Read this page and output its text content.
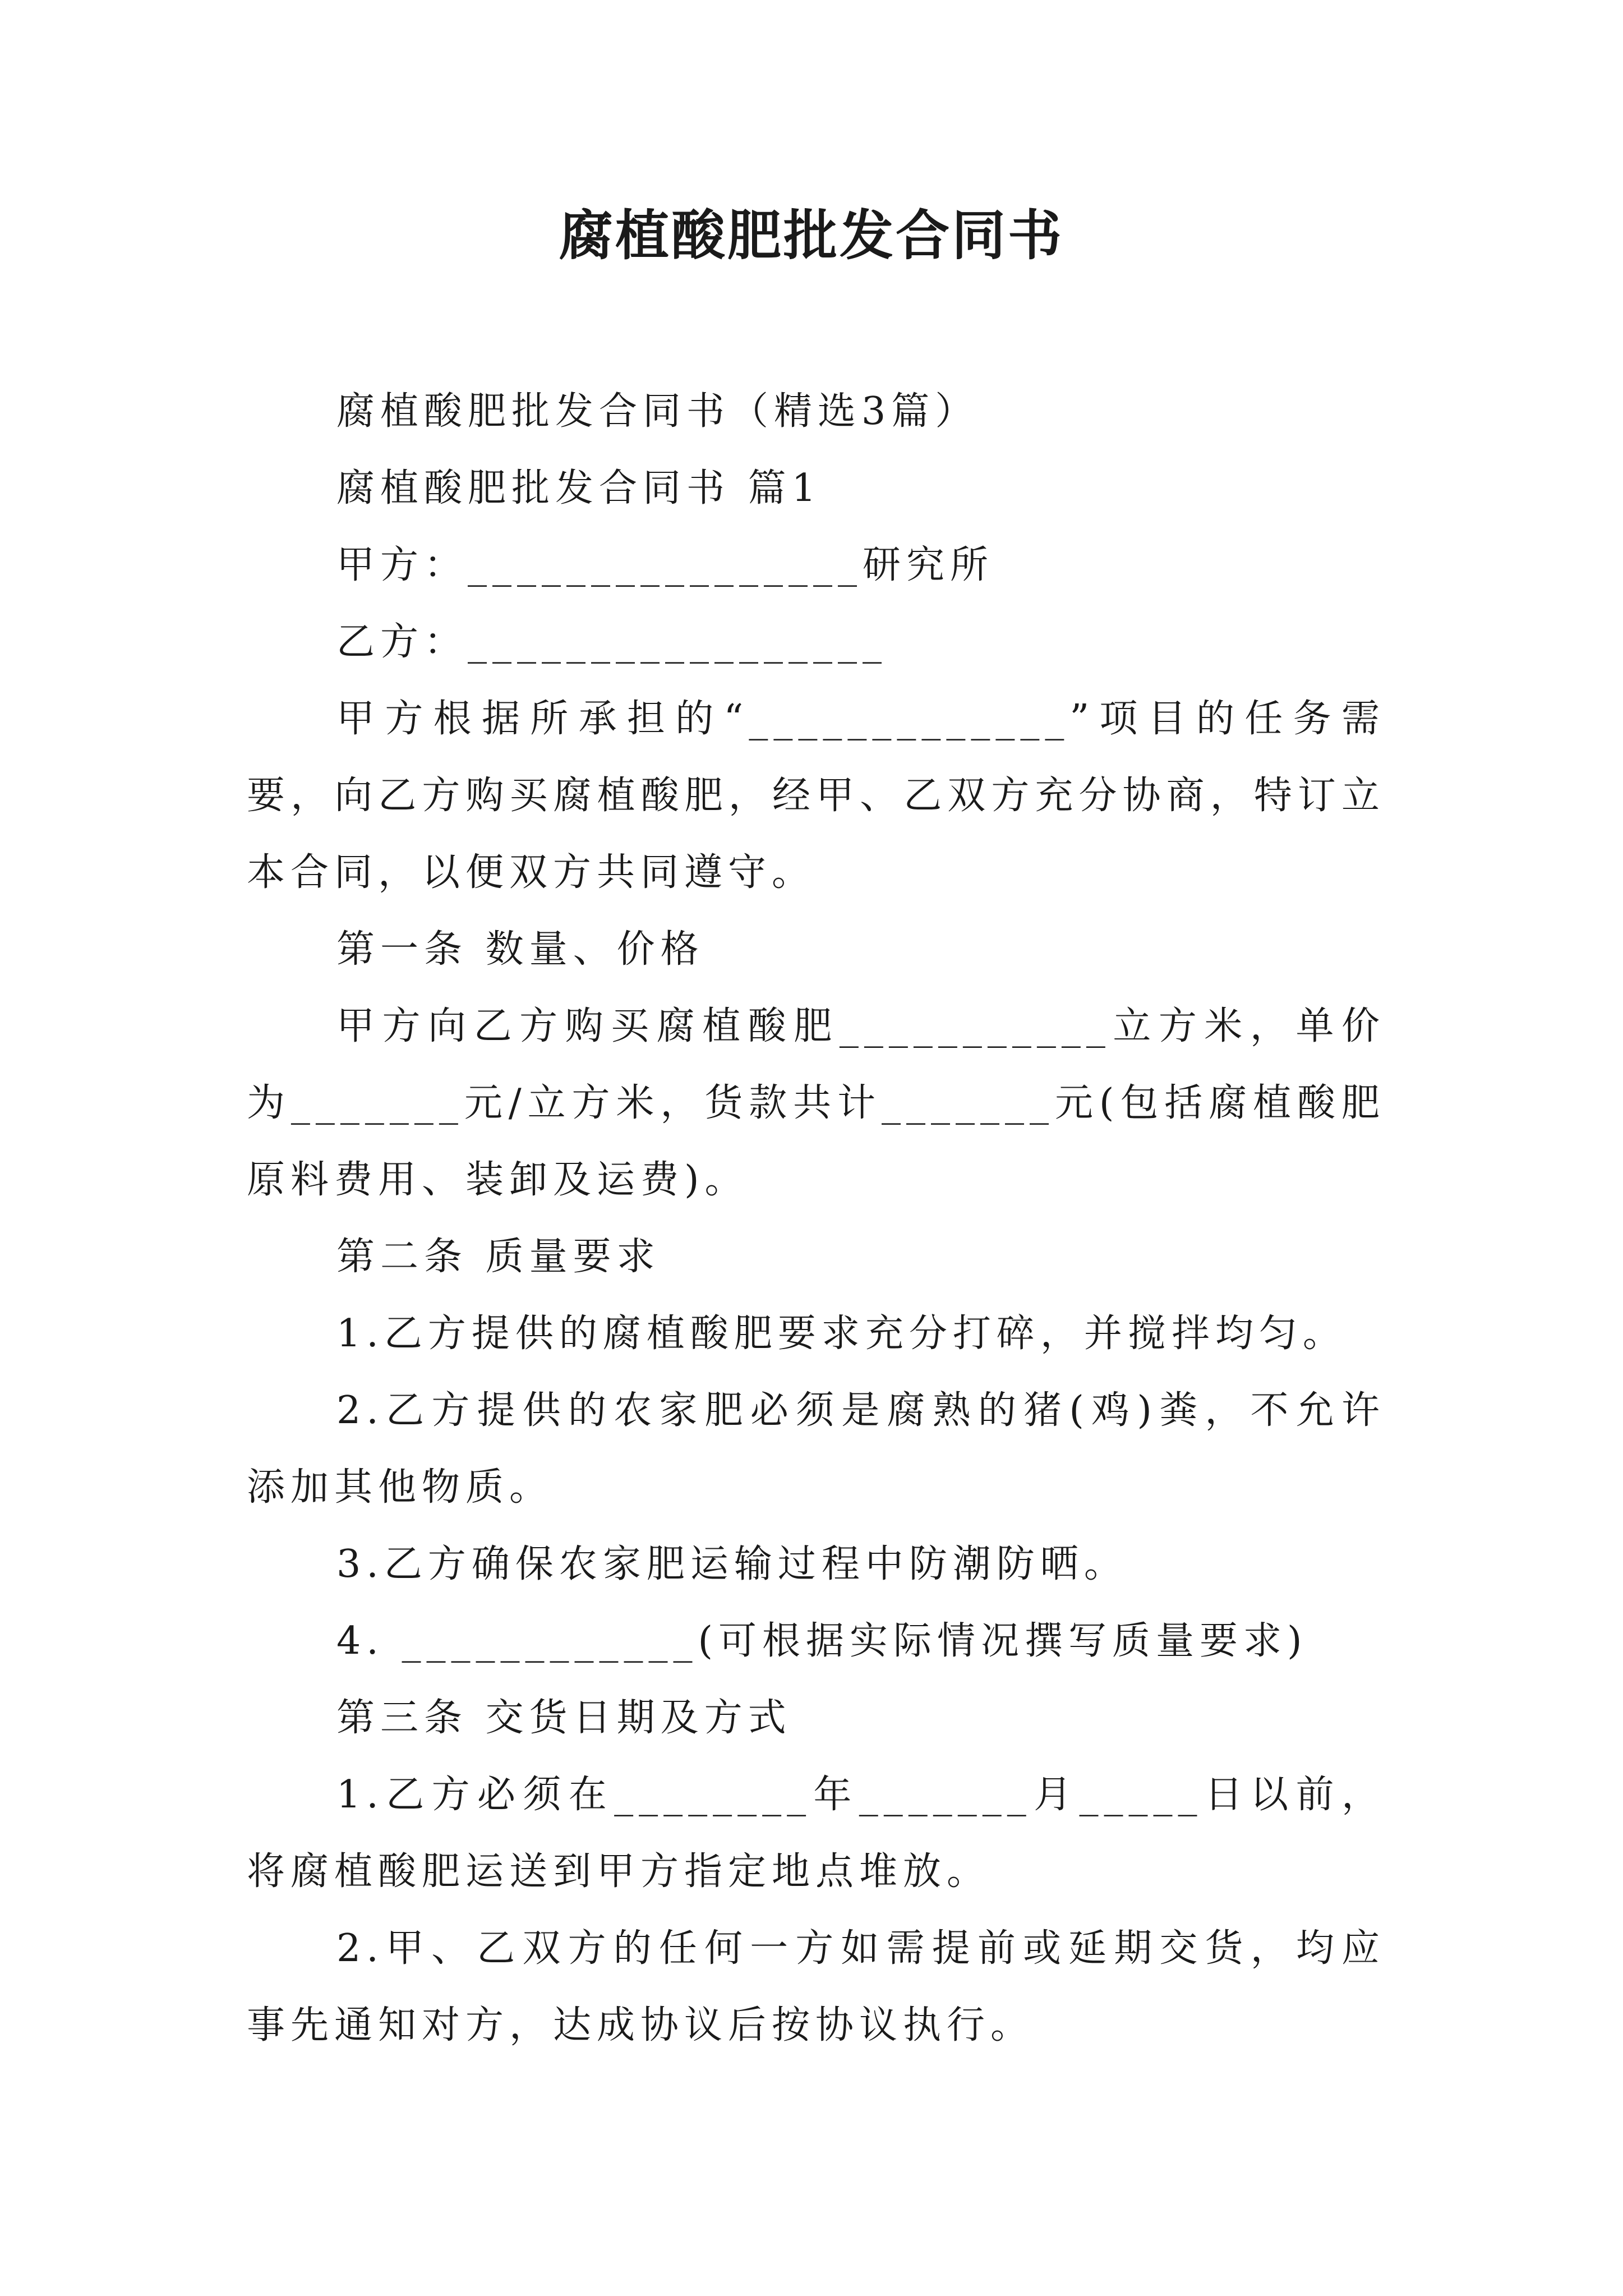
腐植酸肥批发合同书

腐植酸肥批发合同书（精选3篇）

腐植酸肥批发合同书 篇1

甲方：________________研究所

乙方：_________________

甲方根据所承担的“_____________”项目的任务需要，向乙方购买腐植酸肥，经甲、乙双方充分协商，特订立本合同，以便双方共同遵守。

第一条 数量、价格

甲方向乙方购买腐植酸肥___________立方米，单价为_______元/立方米，货款共计_______元(包括腐植酸肥原料费用、装卸及运费)。

第二条 质量要求

1.乙方提供的腐植酸肥要求充分打碎，并搅拌均匀。

2.乙方提供的农家肥必须是腐熟的猪(鸡)粪，不允许添加其他物质。

3.乙方确保农家肥运输过程中防潮防晒。

4. ____________(可根据实际情况撰写质量要求)

第三条 交货日期及方式

1.乙方必须在________年_______月_____日以前，将腐植酸肥运送到甲方指定地点堆放。

2.甲、乙双方的任何一方如需提前或延期交货，均应事先通知对方，达成协议后按协议执行。
